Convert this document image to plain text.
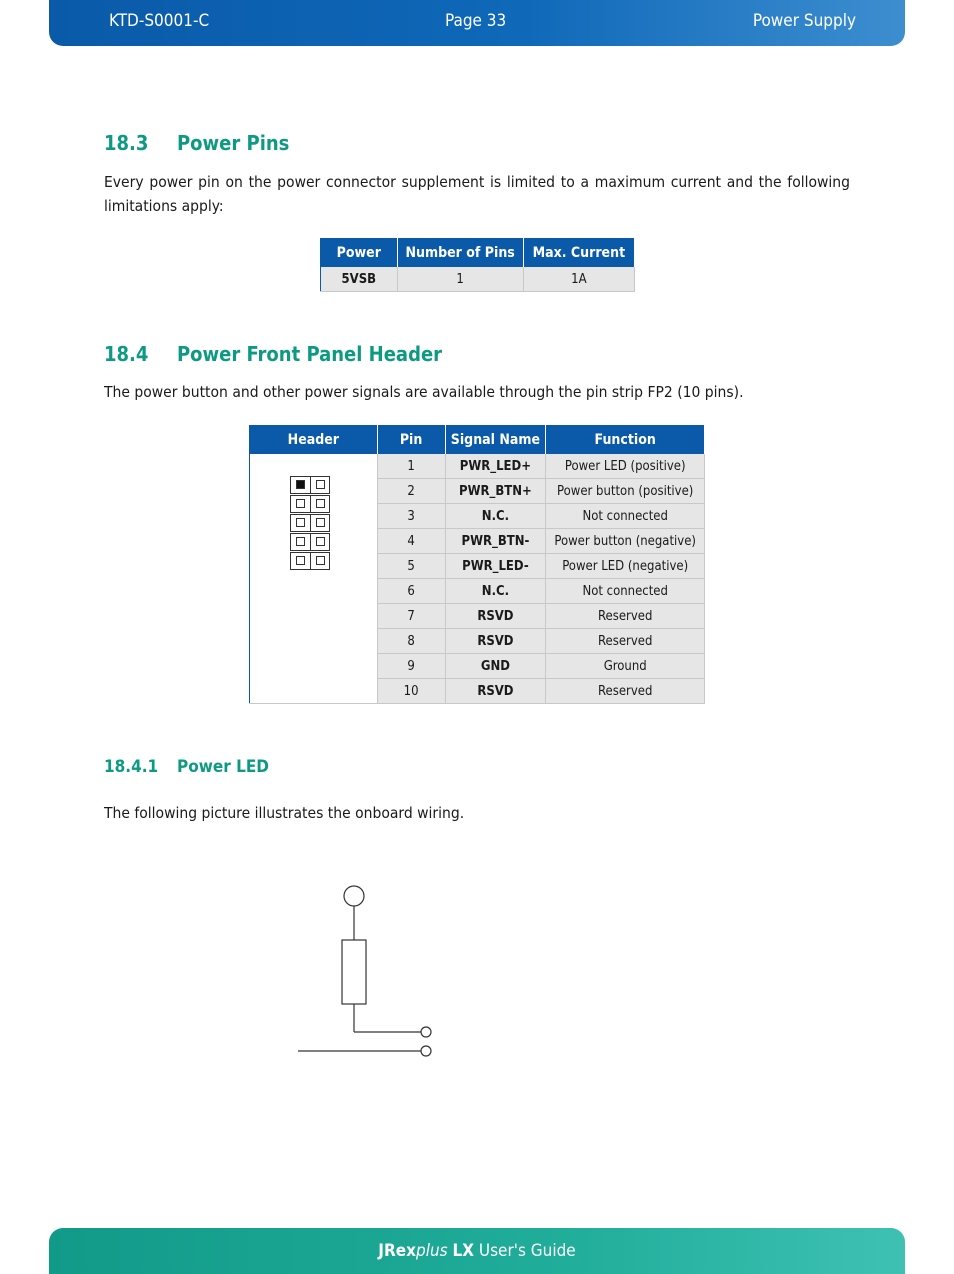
KTD-S0001-C	Page 33	Power Supply
18.3 Power Pins

Every power pin on the power connector supplement is limited to a maximum current and the following limitations apply:

Power	Number of Pins	Max. Current
5VSB	1	1A
18.4 Power Front Panel Header

The power button and other power signals are available through the pin strip FP2 (10 pins).

Header	Pin	Signal Name	Function

	1	PWR_LED+	Power LED (positive)
	2	PWR_BTN+	Power button (positive)
	3	N.C.	Not connected
	4	PWR_BTN-	Power button (negative)
	5	PWR_LED-	Power LED (negative)
	6	N.C.	Not connected
	7	RSVD	Reserved
	8	RSVD	Reserved
	9	GND	Ground
	10	RSVD	Reserved
18.4.1 Power LED

The following picture illustrates the onboard wiring.

JRexplus LX User's Guide
